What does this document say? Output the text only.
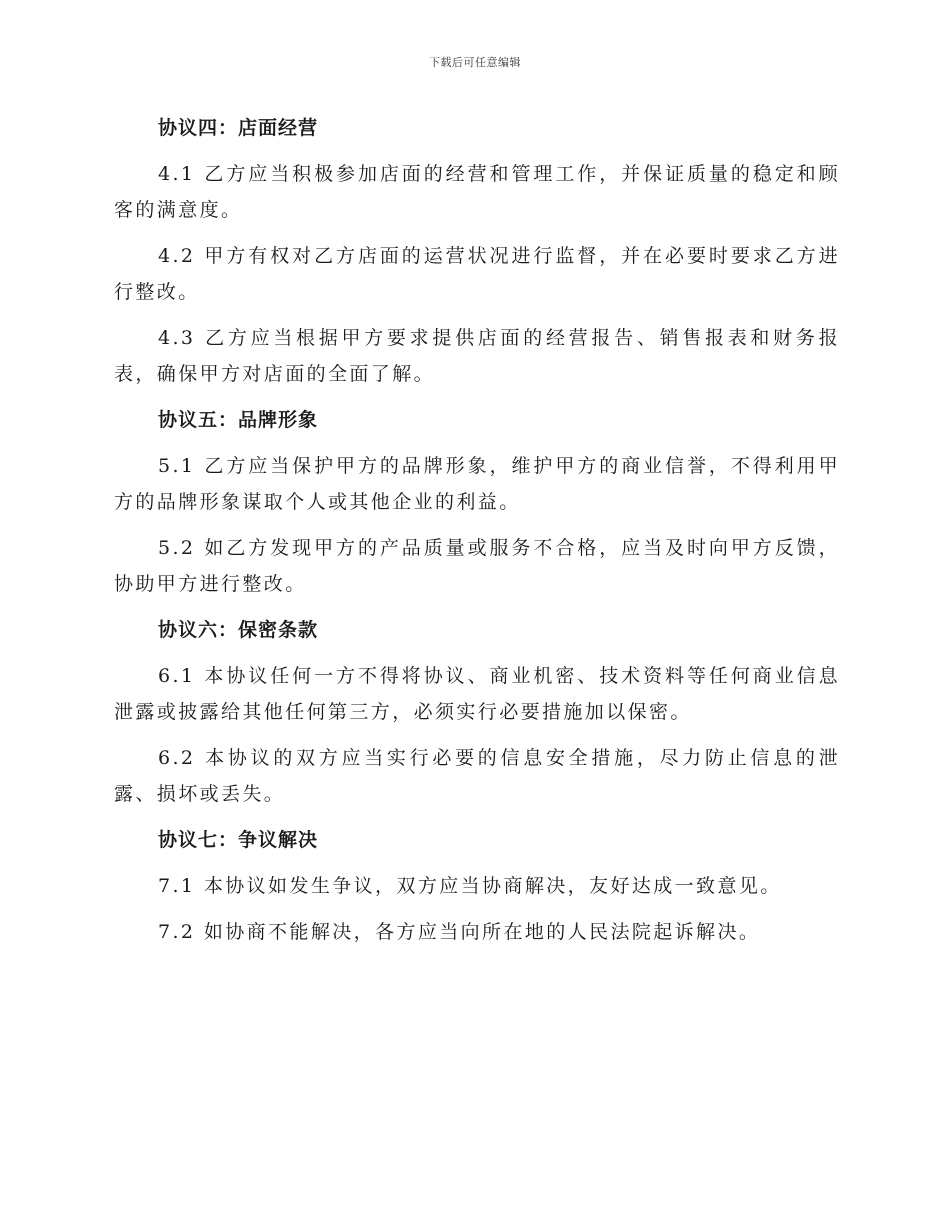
下载后可任意编辑
协议四：店面经营

4.1 乙方应当积极参加店面的经营和管理工作，并保证质量的稳定和顾客的满意度。

4.2 甲方有权对乙方店面的运营状况进行监督，并在必要时要求乙方进行整改。

4.3 乙方应当根据甲方要求提供店面的经营报告、销售报表和财务报表，确保甲方对店面的全面了解。

协议五：品牌形象

5.1 乙方应当保护甲方的品牌形象，维护甲方的商业信誉，不得利用甲方的品牌形象谋取个人或其他企业的利益。

5.2 如乙方发现甲方的产品质量或服务不合格，应当及时向甲方反馈，协助甲方进行整改。

协议六：保密条款

6.1 本协议任何一方不得将协议、商业机密、技术资料等任何商业信息泄露或披露给其他任何第三方，必须实行必要措施加以保密。

6.2 本协议的双方应当实行必要的信息安全措施，尽力防止信息的泄露、损坏或丢失。

协议七：争议解决

7.1 本协议如发生争议，双方应当协商解决，友好达成一致意见。

7.2 如协商不能解决，各方应当向所在地的人民法院起诉解决。
